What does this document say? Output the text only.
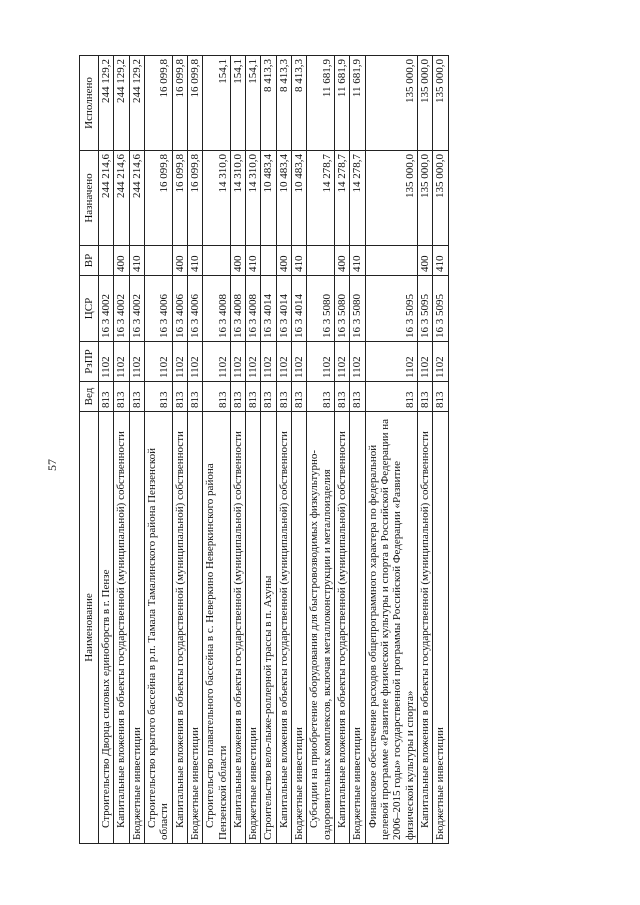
57
Наименование	Вед	РзПР	ЦСР	ВР	Назначено	Исполнено
Строительство Дворца силовых единоборств в г. Пензе	813	1102	16 3 4002		244 214,6	244 129,2
Капитальные вложения в объекты государственной (муниципальной) собственности	813	1102	16 3 4002	400	244 214,6	244 129,2
Бюджетные инвестиции	813	1102	16 3 4002	410	244 214,6	244 129,2
Строительство крытого бассейна в р.п. Тамала Тамалинского района Пензенской области	813	1102	16 3 4006		16 099,8	16 099,8
Капитальные вложения в объекты государственной (муниципальной) собственности	813	1102	16 3 4006	400	16 099,8	16 099,8
Бюджетные инвестиции	813	1102	16 3 4006	410	16 099,8	16 099,8
Строительство плавательного бассейна в с. Неверкино Неверкинского района Пензенской области	813	1102	16 3 4008		14 310,0	154,1
Капитальные вложения в объекты государственной (муниципальной) собственности	813	1102	16 3 4008	400	14 310,0	154,1
Бюджетные инвестиции	813	1102	16 3 4008	410	14 310,0	154,1
Строительство вело-лыже-роллерной трассы в п. Ахуны	813	1102	16 3 4014		10 483,4	8 413,3
Капитальные вложения в объекты государственной (муниципальной) собственности	813	1102	16 3 4014	400	10 483,4	8 413,3
Бюджетные инвестиции	813	1102	16 3 4014	410	10 483,4	8 413,3
Субсидии на приобретение оборудования для быстровозводимых физкультурно-оздоровительных комплексов, включая металлоконструкции и металлоизделия	813	1102	16 3 5080		14 278,7	11 681,9
Капитальные вложения в объекты государственной (муниципальной) собственности	813	1102	16 3 5080	400	14 278,7	11 681,9
Бюджетные инвестиции	813	1102	16 3 5080	410	14 278,7	11 681,9
Финансовое обеспечение расходов общепрограммного характера по федеральной целевой программе «Развитие физической культуры и спорта в Российской Федерации на 2006–2015 годы» государственной программы Российской Федерации «Развитие физической культуры и спорта»	813	1102	16 3 5095		135 000,0	135 000,0
Капитальные вложения в объекты государственной (муниципальной) собственности	813	1102	16 3 5095	400	135 000,0	135 000,0
Бюджетные инвестиции	813	1102	16 3 5095	410	135 000,0	135 000,0
